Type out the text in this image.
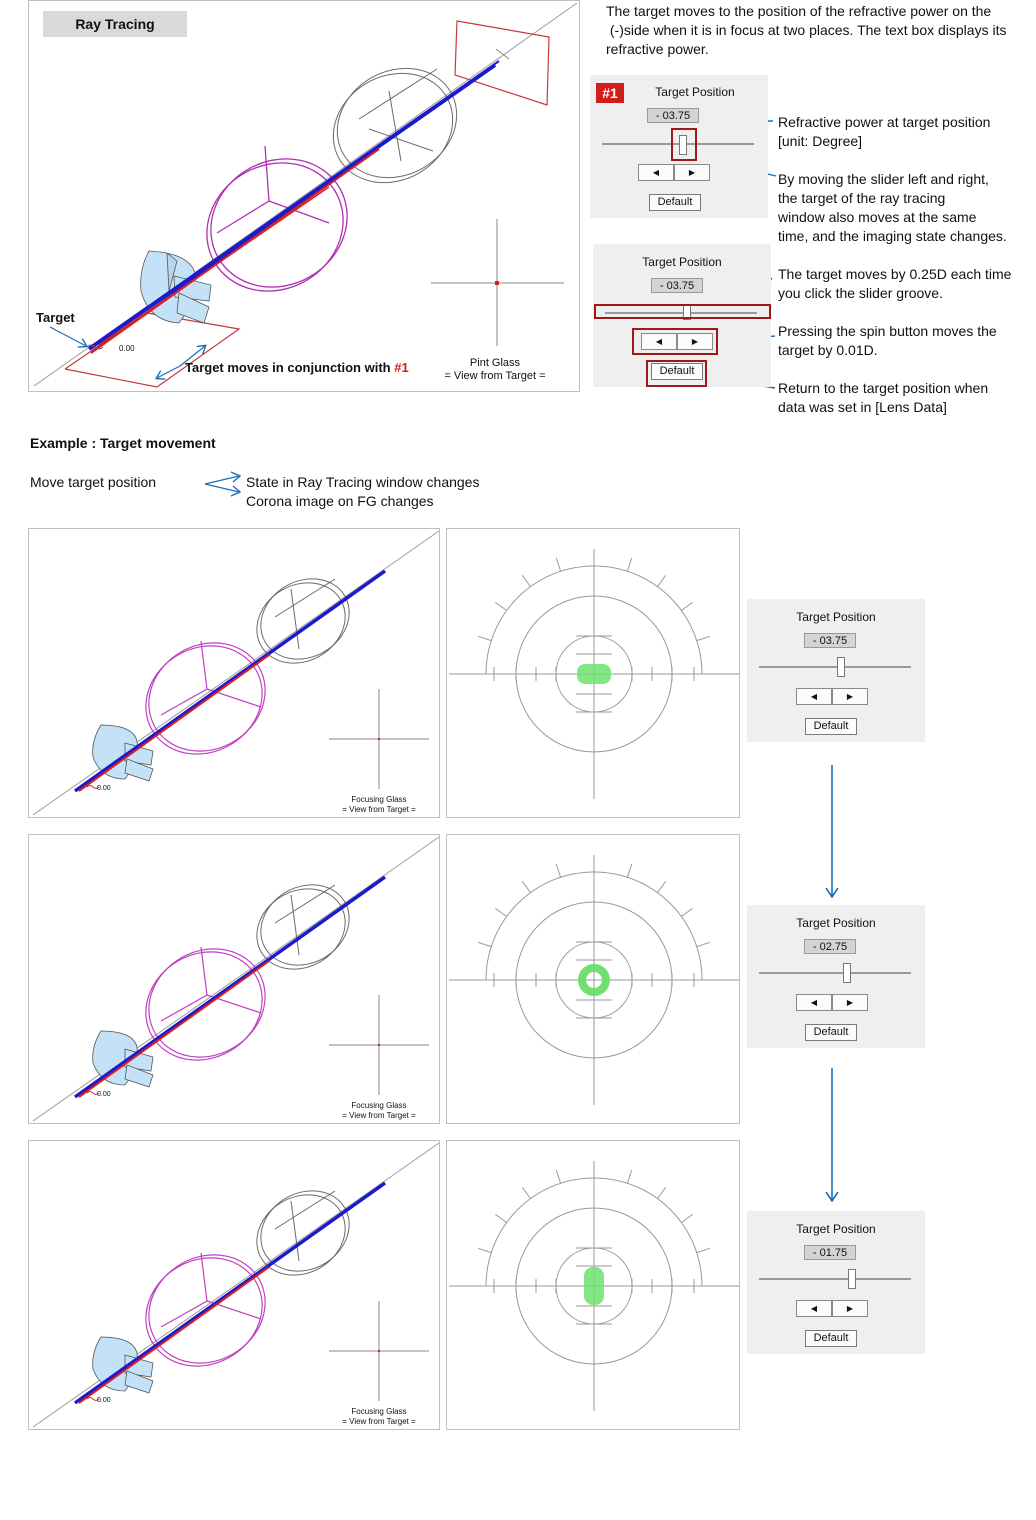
Ray Tracing
Target
0.00
Target moves in conjunction with #1	Pint Glass
= View from Target =
The target moves to the position of the refractive power on the
(-)side when it is in focus at two places. The text box displays its
refractive power.
#1	Target Position
- 03.75
◀	▶
Default
Target Position
- 03.75
◀	▶
Default
Refractive power at target position
[unit: Degree]
By moving the slider left and right,
the target of the ray tracing
window also moves at the same
time, and the imaging state changes.
The target moves by 0.25D each time
you click the slider groove.
Pressing the spin button moves the
target by 0.01D.
Return to the target position when
data was set in [Lens Data]
Example : Target movement
Move target position	State in Ray Tracing window changes
Corona image on FG changes
0.00
Focusing Glass
= View from Target =
Target Position
- 03.75
◀	▶
Default
0.00
Focusing Glass
= View from Target =
Target Position
- 02.75
◀	▶
Default
0.00
Focusing Glass
= View from Target =
Target Position
- 01.75
◀	▶
Default
